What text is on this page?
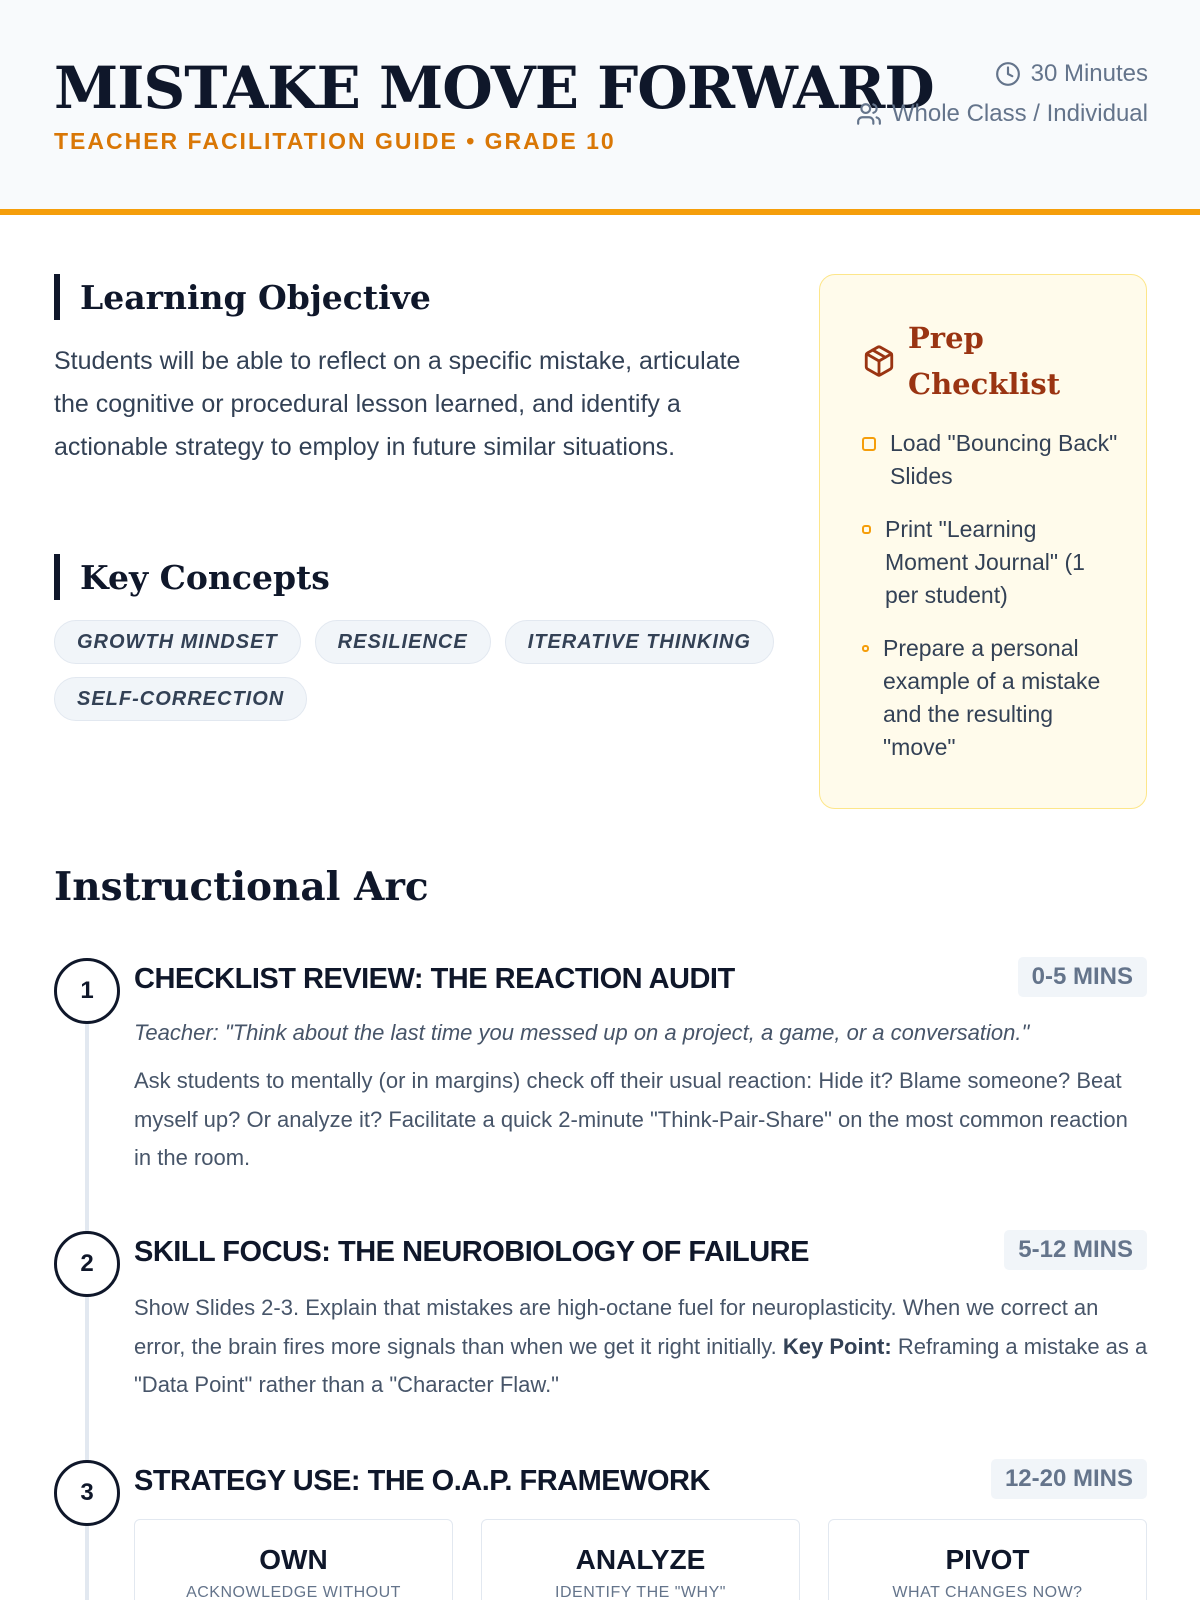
MISTAKE MOVE FORWARD
TEACHER FACILITATION GUIDE • GRADE 10
30 Minutes
Whole Class / Individual
Learning Objective
Students will be able to reflect on a specific mistake, articulate the cognitive or procedural lesson learned, and identify a actionable strategy to employ in future similar situations.
Key Concepts
GROWTH MINDSET	RESILIENCE	ITERATIVE THINKING
SELF-CORRECTION
Prep Checklist
Load "Bouncing Back" Slides
Print "Learning Moment Journal" (1 per student)
Prepare a personal example of a mistake and the resulting "move"
Instructional Arc
1	CHECKLIST REVIEW: THE REACTION AUDIT	0-5 MINS
Teacher: "Think about the last time you messed up on a project, a game, or a conversation."
Ask students to mentally (or in margins) check off their usual reaction: Hide it? Blame someone? Beat myself up? Or analyze it? Facilitate a quick 2-minute "Think-Pair-Share" on the most common reaction in the room.
2	SKILL FOCUS: THE NEUROBIOLOGY OF FAILURE	5-12 MINS
Show Slides 2-3. Explain that mistakes are high-octane fuel for neuroplasticity. When we correct an error, the brain fires more signals than when we get it right initially. Key Point: Reframing a mistake as a "Data Point" rather than a "Character Flaw."
3	STRATEGY USE: THE O.A.P. FRAMEWORK	12-20 MINS
OWN
ACKNOWLEDGE WITHOUT
ANALYZE
IDENTIFY THE "WHY"
PIVOT
WHAT CHANGES NOW?
